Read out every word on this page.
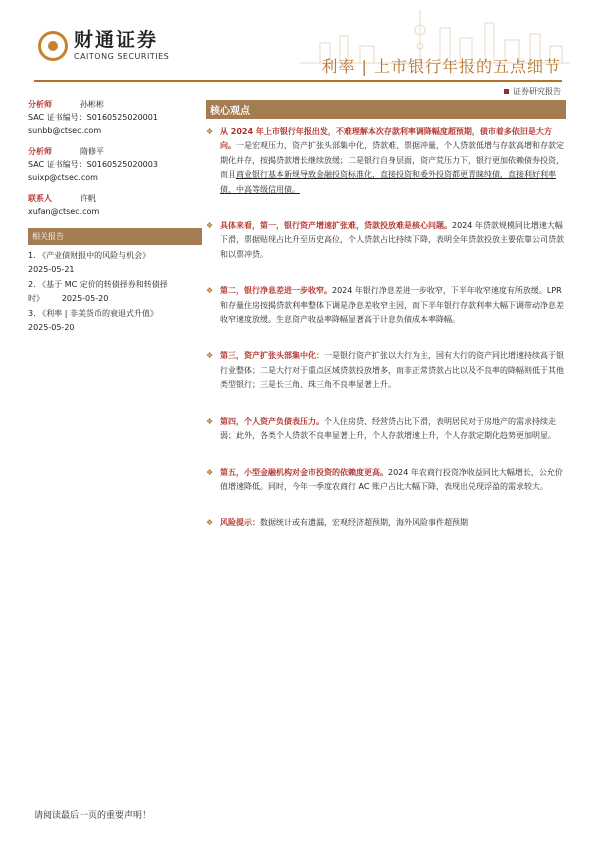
财通证券
CAITONG SECURITIES
利率 | 上市银行年报的五点细节
证券研究报告
分析师	孙彬彬
SAC 证书编号：S0160525020001
sunbb@ctsec.com
分析师	隋修平
SAC 证书编号：S0160525020003
suixp@ctsec.com
联系人	许帆
xufan@ctsec.com
相关报告
1. 《产业债财报中的风险与机会》
2025-05-21
2. 《基于 MC 定价的转债择券和转债择
时》 2025-05-20
3. 《利率 | 非美货币的衰退式升值》
2025-05-20
核心观点
❖ 从 2024 年上市银行年报出发，不难理解本次存款利率调降幅度超预期，债市着多依旧是大方向。一是宏观压力，资产扩张头部集中化，贷款难、票据冲量，个人贷款低增与存款高增和存款定期化并存，按揭贷款增长继续放缓；二是银行自身层面，资产荒压力下，银行更加依赖债券投资，而且商业银行基本新规导致金融投资标准化，直接投资和委外投资都更青睐纯债，直接利好利率债、中高等级信用债。
❖ 具体来看，第一，银行资产增速扩张难，贷款投放难是核心问题。2024 年贷款规模同比增速大幅下滑，票据贴现占比升至历史高位，个人贷款占比持续下降，表明全年贷款投放主要依靠公司贷款和以票冲贷。
❖ 第二，银行净息差进一步收窄。2024 年银行净息差进一步收窄，下半年收窄速度有所放缓。LPR 和存量住房按揭贷款利率整体下调是净息差收窄主因，而下半年银行存款利率大幅下调带动净息差收窄速度放缓。生息资产收益率降幅显著高于计息负债成本率降幅。
❖ 第三，资产扩张头部集中化：一是银行资产扩张以大行为主，国有大行的资产同比增速持续高于银行业整体；二是大行对于重点区域贷款投放增多，而非正常贷款占比以及不良率的降幅则低于其他类型银行；三是长三角、珠三角不良率显著上升。
❖ 第四，个人资产负债表压力。个人住房贷、经营贷占比下滑，表明居民对于房地产的需求持续走弱；此外，各类个人贷款不良率显著上升，个人存款增速上升，个人存款定期化趋势更加明显。
❖ 第五，小型金融机构对金市投资的依赖度更高。2024 年农商行投资净收益同比大幅增长，公允价值增速降低。同时，今年一季度农商行 AC 账户占比大幅下降，表现出兑现浮盈的需求较大。
❖ 风险提示：数据统计或有遗漏，宏观经济超预期，海外风险事件超预期
请阅读最后一页的重要声明！
